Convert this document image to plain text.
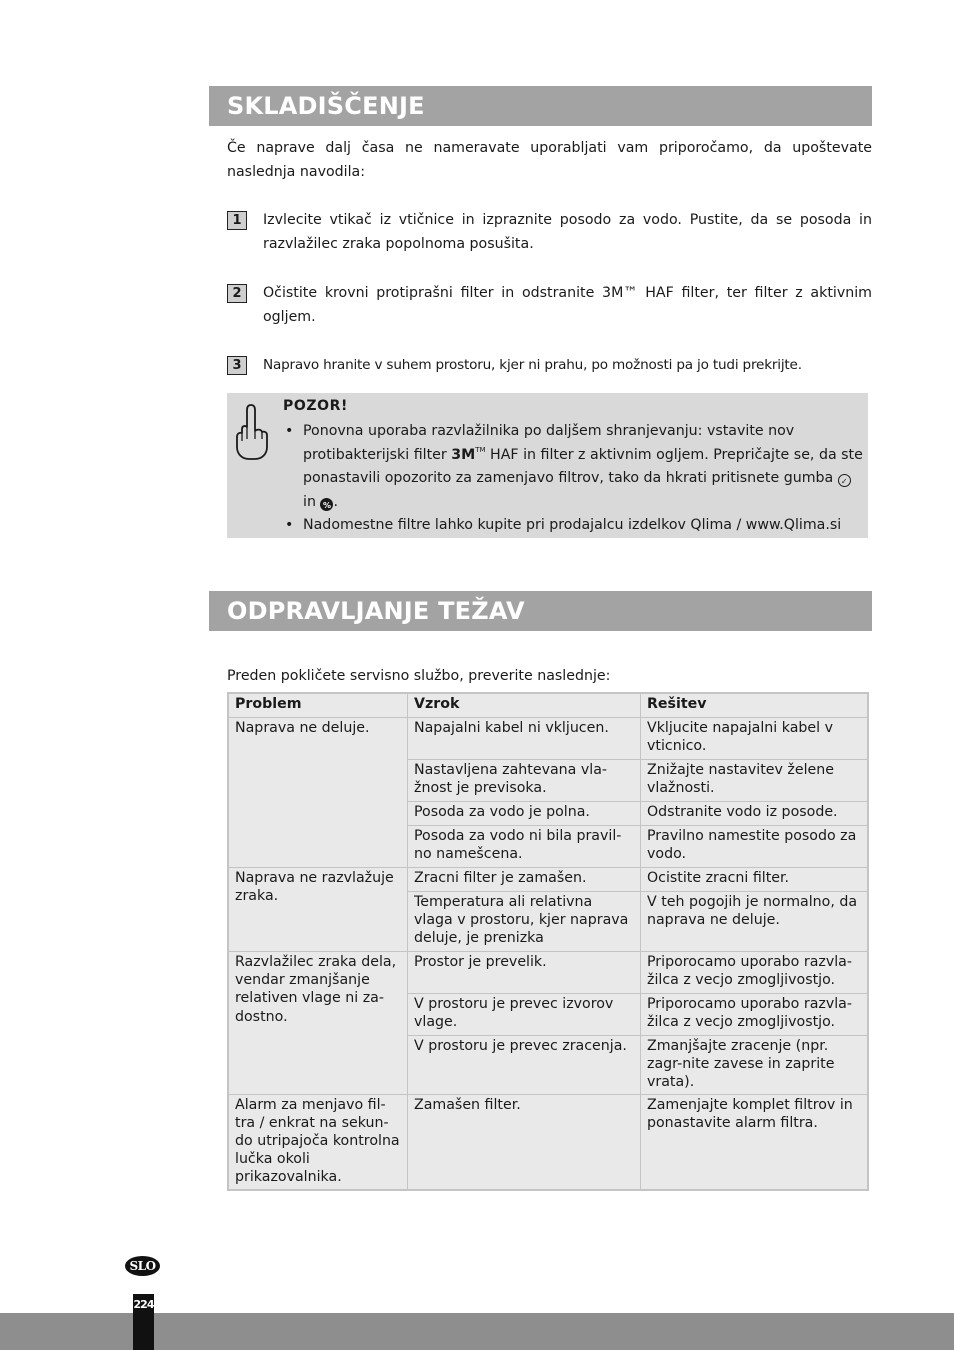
SKLADIŠČENJE

Če naprave dalj časa ne nameravate uporabljati vam priporočamo, da upoštevate naslednja navodila:

1	Izvlecite vtikač iz vtičnice in izpraznite posodo za vodo. Pustite, da se posoda in razvlažilec zraka popolnoma posušita.

2	Očistite krovni protiprašni filter in odstranite 3M™ HAF filter, ter filter z aktivnim ogljem.

3	Napravo hranite v suhem prostoru, kjer ni prahu, po možnosti pa jo tudi prekrijte.

POZOR!
• Ponovna uporaba razvlažilnika po daljšem shranjevanju: vstavite nov protibakterijski filter 3M™ HAF in filter z aktivnim ogljem. Prepričajte se, da ste ponastavili opozorito za zamenjavo filtrov, tako da hkrati pritisnete gumba ✓ in % .
• Nadomestne filtre lahko kupite pri prodajalcu izdelkov Qlima / www.Qlima.si
ODPRAVLJANJE TEŽAV

Preden pokličete servisno službo, preverite naslednje:

Problem	Vzrok	Rešitev
Naprava ne deluje.	Napajalni kabel ni vkljucen.	Vkljucite napajalni kabel v vticnico.
	Nastavljena zahtevana vla-žnost je previsoka.	Znižajte nastavitev želene vlažnosti.
	Posoda za vodo je polna.	Odstranite vodo iz posode.
	Posoda za vodo ni bila pravil-no namešcena.	Pravilno namestite posodo za vodo.
Naprava ne razvlažuje zraka.	Zracni filter je zamašen.	Ocistite zracni filter.
	Temperatura ali relativna vlaga v prostoru, kjer naprava deluje, je prenizka	V teh pogojih je normalno, da naprava ne deluje.
Razvlažilec zraka dela, vendar zmanjšanje relativen vlage ni za-dostno.	Prostor je prevelik.	Priporocamo uporabo razvla-žilca z vecjo zmogljivostjo.
	V prostoru je prevec izvorov vlage.	Priporocamo uporabo razvla-žilca z vecjo zmogljivostjo.
	V prostoru je prevec zracenja.	Zmanjšajte zracenje (npr. zagr-nite zavese in zaprite vrata).
Alarm za menjavo fil-tra / enkrat na sekun-do utripajoča kontrolna lučka okoli prikazovalnika.	Zamašen filter.	Zamenjajte komplet filtrov in ponastavite alarm filtra.
SLO
224
